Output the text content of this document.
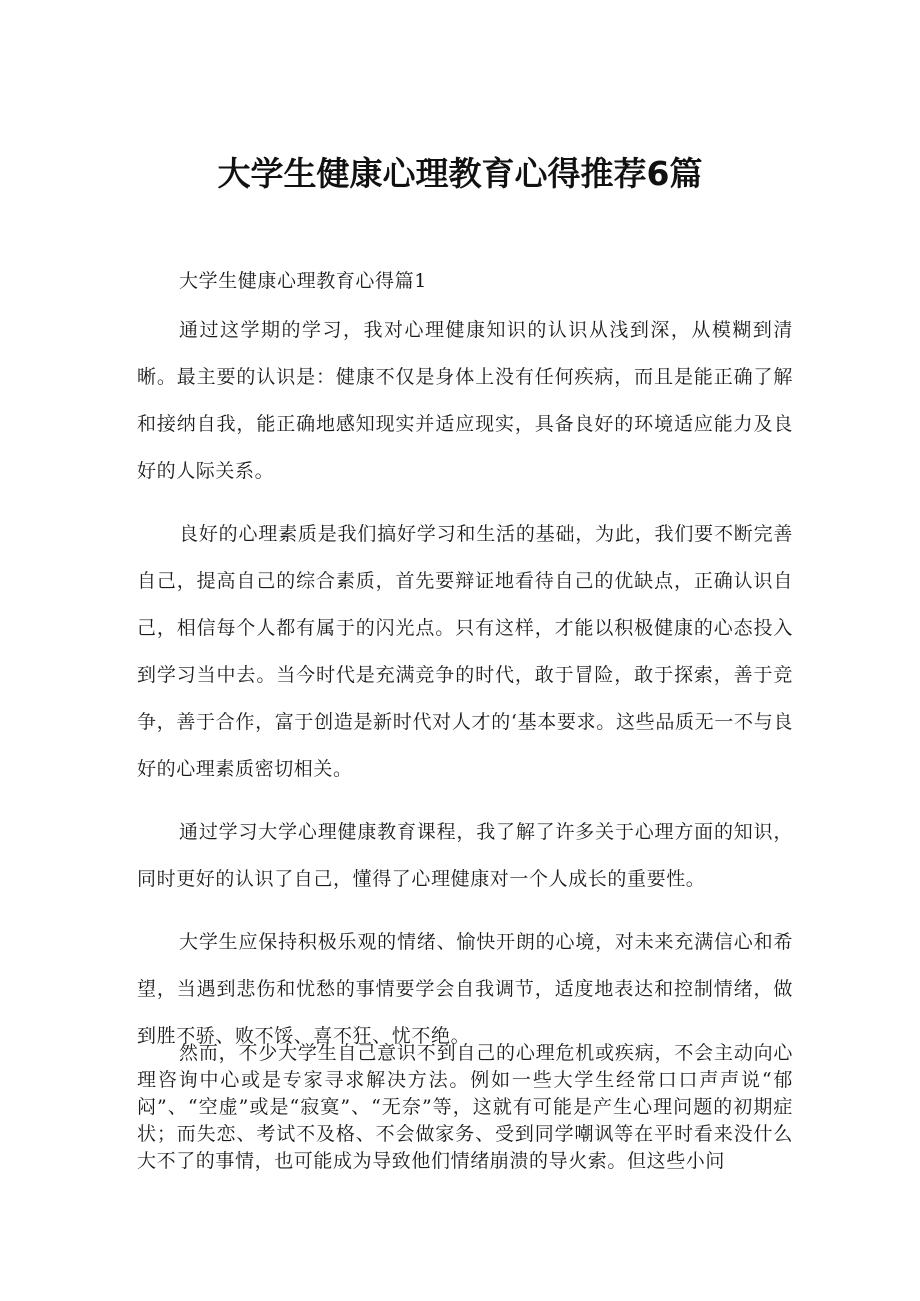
大学生健康心理教育心得推荐6篇
大学生健康心理教育心得篇1

通过这学期的学习，我对心理健康知识的认识从浅到深，从模糊到清晰。最主要的认识是：健康不仅是身体上没有任何疾病，而且是能正确了解和接纳自我，能正确地感知现实并适应现实，具备良好的环境适应能力及良好的人际关系。

良好的心理素质是我们搞好学习和生活的基础，为此，我们要不断完善自己，提高自己的综合素质，首先要辩证地看待自己的优缺点，正确认识自己，相信每个人都有属于的闪光点。只有这样，才能以积极健康的心态投入到学习当中去。当今时代是充满竞争的时代，敢于冒险，敢于探索，善于竞争，善于合作，富于创造是新时代对人才的‘基本要求。这些品质无一不与良好的心理素质密切相关。

通过学习大学心理健康教育课程，我了解了许多关于心理方面的知识，同时更好的认识了自己，懂得了心理健康对一个人成长的重要性。

大学生应保持积极乐观的情绪、愉快开朗的心境，对未来充满信心和希望，当遇到悲伤和忧愁的事情要学会自我调节，适度地表达和控制情绪，做到胜不骄、败不馁、喜不狂、忧不绝。

然而，不少大学生自己意识不到自己的心理危机或疾病，不会主动向心理咨询中心或是专家寻求解决方法。例如一些大学生经常口口声声说“郁闷”、“空虚”或是“寂寞”、“无奈”等，这就有可能是产生心理问题的初期症状；而失恋、考试不及格、不会做家务、受到同学嘲讽等在平时看来没什么大不了的事情，也可能成为导致他们情绪崩溃的导火索。但这些小问
